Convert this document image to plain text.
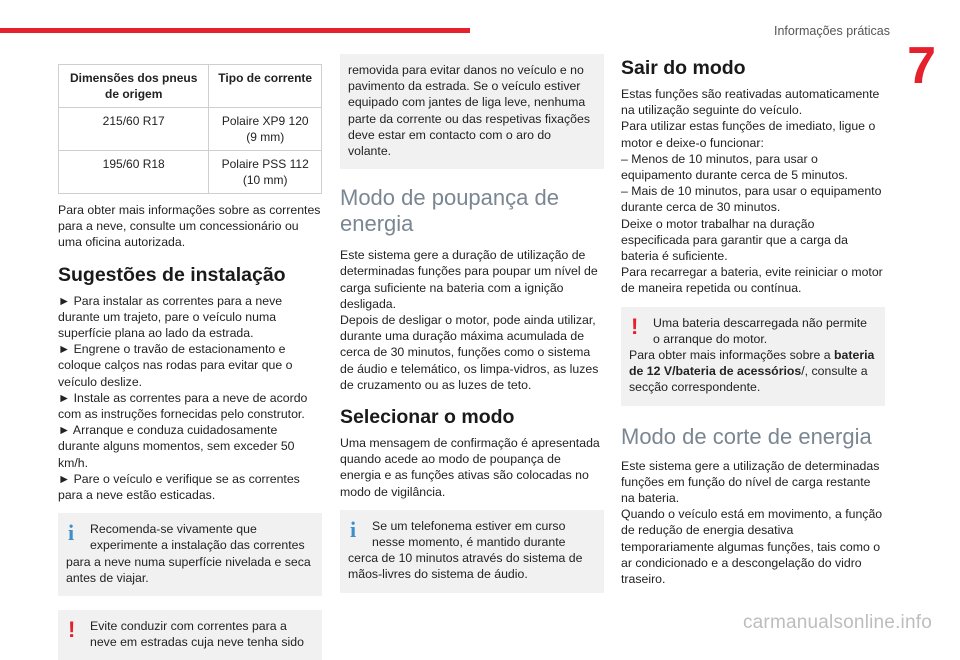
Informações práticas
7
carmanualsonline.info
Dimensões dos pneus de origem	Tipo de corrente
215/60 R17	Polaire XP9 120 (9 mm)
195/60 R18	Polaire PSS 112 (10 mm)

Para obter mais informações sobre as correntes para a neve, consulte um concessionário ou uma oficina autorizada.

Sugestões de instalação

► Para instalar as correntes para a neve durante um trajeto, pare o veículo numa superfície plana ao lado da estrada.

► Engrene o travão de estacionamento e coloque calços nas rodas para evitar que o veículo deslize.

► Instale as correntes para a neve de acordo com as instruções fornecidas pelo construtor.

► Arranque e conduza cuidadosamente durante alguns momentos, sem exceder 50 km/h.

► Pare o veículo e verifique se as correntes para a neve estão esticadas.

i	Recomenda-se vivamente que experimente a instalação das correntes

para a neve numa superfície nivelada e seca antes de viajar.

!	Evite conduzir com correntes para a neve em estradas cuja neve tenha sido

removida para evitar danos no veículo e no pavimento da estrada. Se o veículo estiver equipado com jantes de liga leve, nenhuma parte da corrente ou das respetivas fixações deve estar em contacto com o aro do volante.

Modo de poupança de energia

Este sistema gere a duração de utilização de determinadas funções para poupar um nível de carga suficiente na bateria com a ignição desligada.

Depois de desligar o motor, pode ainda utilizar, durante uma duração máxima acumulada de cerca de 30 minutos, funções como o sistema de áudio e telemático, os limpa-vidros, as luzes de cruzamento ou as luzes de teto.

Selecionar o modo

Uma mensagem de confirmação é apresentada quando acede ao modo de poupança de energia e as funções ativas são colocadas no modo de vigilância.

i	Se um telefonema estiver em curso nesse momento, é mantido durante

cerca de 10 minutos através do sistema de mãos-livres do sistema de áudio.

Sair do modo

Estas funções são reativadas automaticamente na utilização seguinte do veículo.

Para utilizar estas funções de imediato, ligue o motor e deixe-o funcionar:

– Menos de 10 minutos, para usar o equipamento durante cerca de 5 minutos.

– Mais de 10 minutos, para usar o equipamento durante cerca de 30 minutos.

Deixe o motor trabalhar na duração especificada para garantir que a carga da bateria é suficiente.

Para recarregar a bateria, evite reiniciar o motor de maneira repetida ou contínua.

!	Uma bateria descarregada não permite o arranque do motor.

Para obter mais informações sobre a bateria de 12 V/bateria de acessórios/, consulte a secção correspondente.

Modo de corte de energia

Este sistema gere a utilização de determinadas funções em função do nível de carga restante na bateria.

Quando o veículo está em movimento, a função de redução de energia desativa temporariamente algumas funções, tais como o ar condicionado e a descongelação do vidro traseiro.
